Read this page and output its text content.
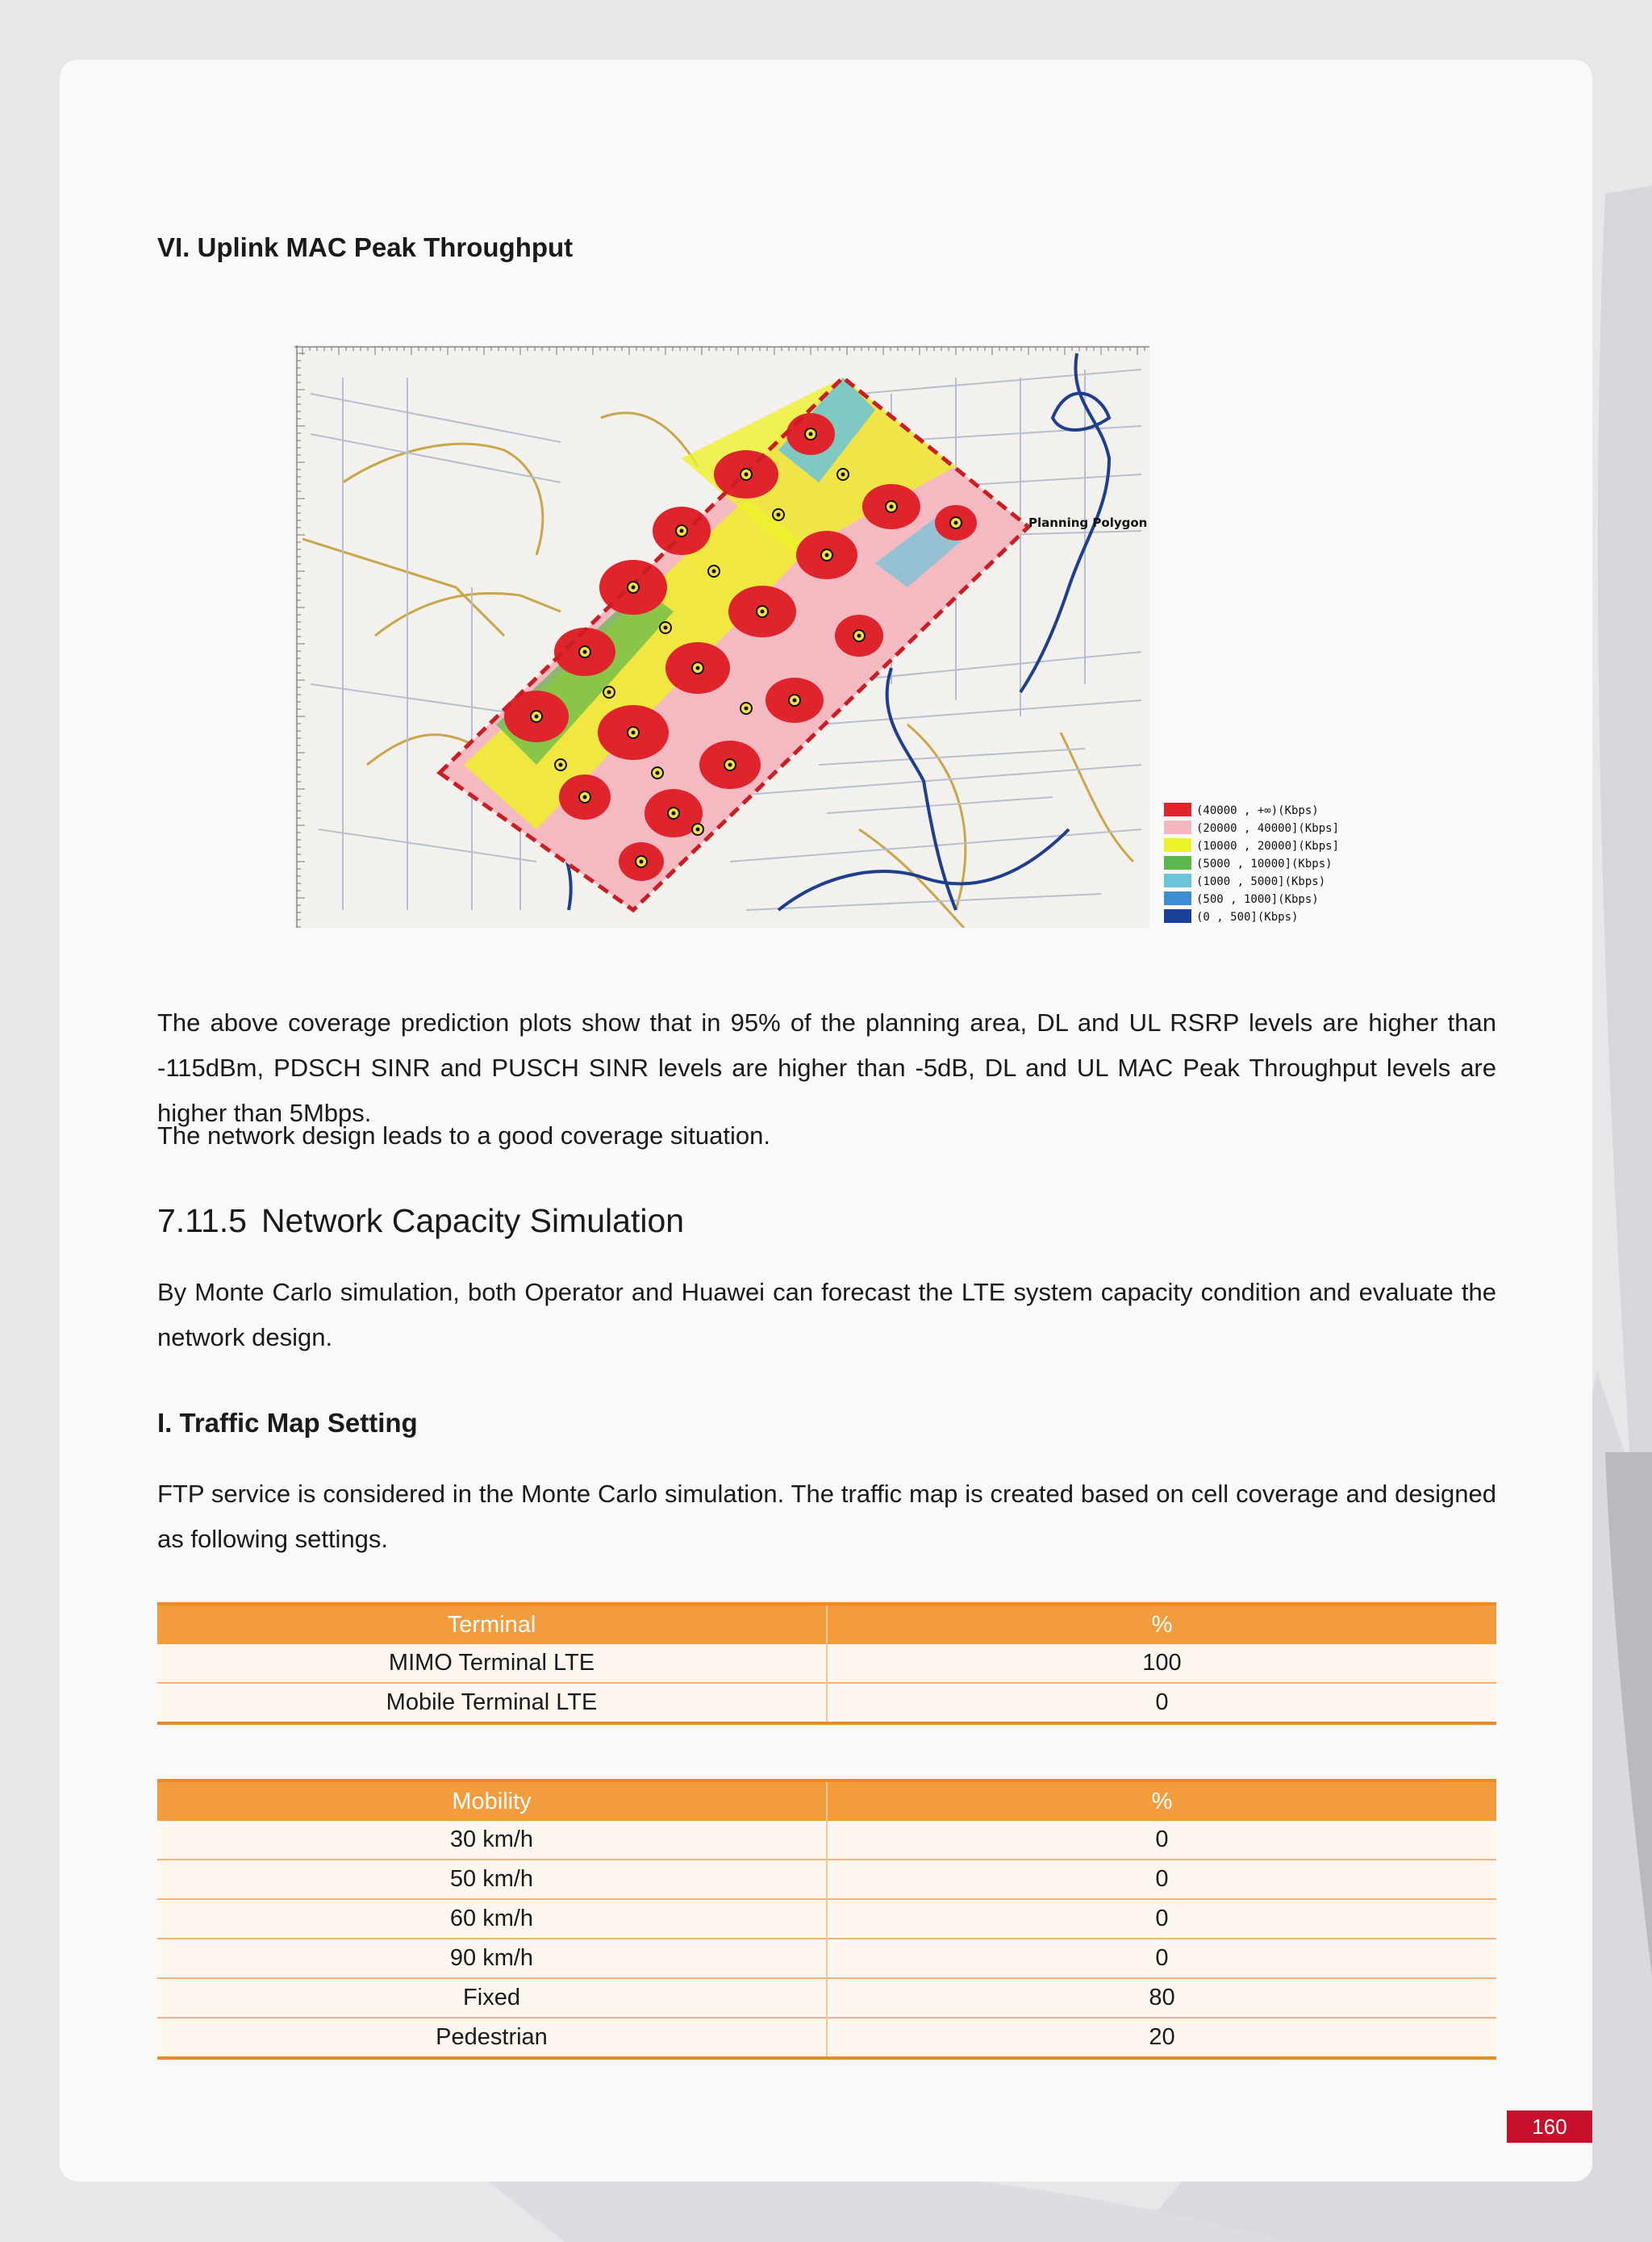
VI. Uplink MAC Peak Throughput
Planning Polygon
(40000 , +∞)(Kbps)
(20000 , 40000](Kbps]
(10000 , 20000](Kbps]
(5000 , 10000](Kbps)
(1000 , 5000](Kbps)
(500 , 1000](Kbps)
(0 , 500](Kbps)

The above coverage prediction plots show that in 95% of the planning area, DL and UL RSRP levels are higher than -115dBm, PDSCH SINR and PUSCH SINR levels are higher than -5dB, DL and UL MAC Peak Throughput levels are higher than 5Mbps.

The network design leads to a good coverage situation.

7.11.5 Network Capacity Simulation

By Monte Carlo simulation, both Operator and Huawei can forecast the LTE system capacity condition and evaluate the network design.

I. Traffic Map Setting

FTP service is considered in the Monte Carlo simulation. The traffic map is created based on cell coverage and designed as following settings.

Terminal	%
MIMO Terminal LTE	100
Mobile Terminal LTE	0
Mobility	%
30 km/h	0
50 km/h	0
60 km/h	0
90 km/h	0
Fixed	80
Pedestrian	20
160
